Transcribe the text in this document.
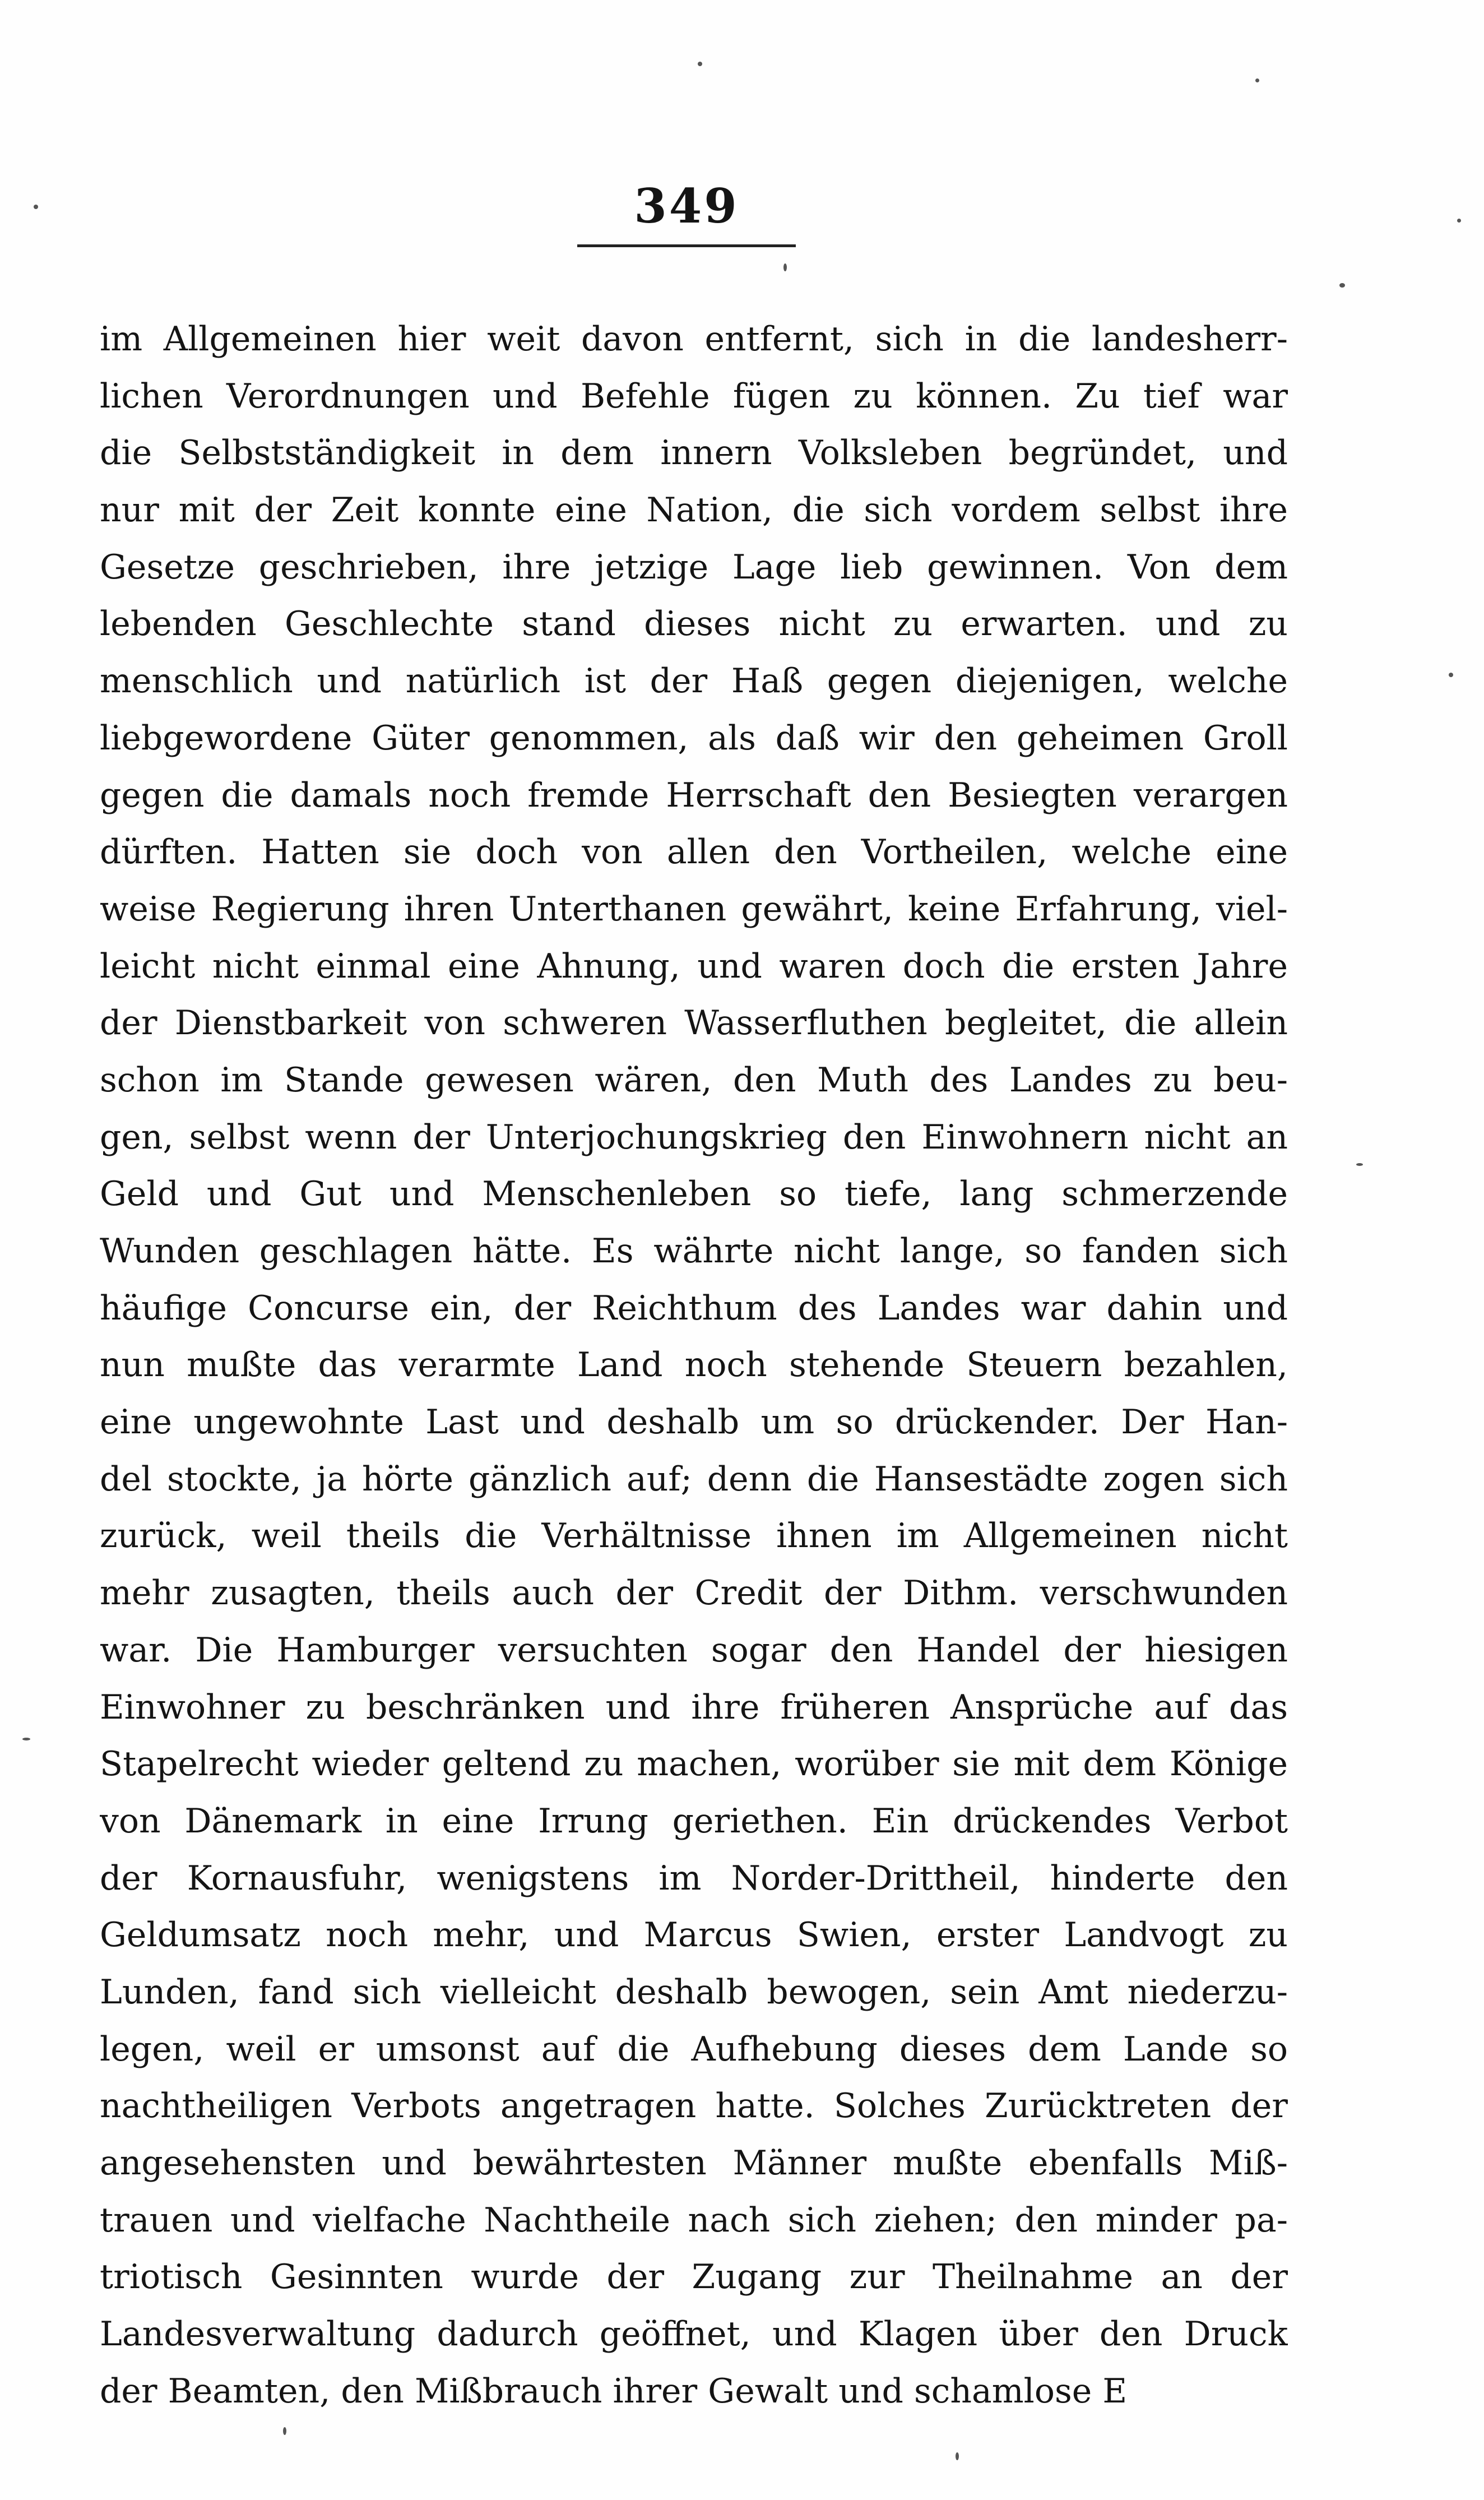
349
im Allgemeinen hier weit davon entfernt, sich in die landesherr-
lichen Verordnungen und Befehle fügen zu können. Zu tief war
die Selbstständigkeit in dem innern Volksleben begründet, und
nur mit der Zeit konnte eine Nation, die sich vordem selbst ihre
Gesetze geschrieben, ihre jetzige Lage lieb gewinnen. Von dem
lebenden Geschlechte stand dieses nicht zu erwarten. und zu
menschlich und natürlich ist der Haß gegen diejenigen, welche
liebgewordene Güter genommen, als daß wir den geheimen Groll
gegen die damals noch fremde Herrschaft den Besiegten verargen
dürften. Hatten sie doch von allen den Vortheilen, welche eine
weise Regierung ihren Unterthanen gewährt, keine Erfahrung, viel-
leicht nicht einmal eine Ahnung, und waren doch die ersten Jahre
der Dienstbarkeit von schweren Wasserfluthen begleitet, die allein
schon im Stande gewesen wären, den Muth des Landes zu beu-
gen, selbst wenn der Unterjochungskrieg den Einwohnern nicht an
Geld und Gut und Menschenleben so tiefe, lang schmerzende
Wunden geschlagen hätte. Es währte nicht lange, so fanden sich
häufige Concurse ein, der Reichthum des Landes war dahin und
nun mußte das verarmte Land noch stehende Steuern bezahlen,
eine ungewohnte Last und deshalb um so drückender. Der Han-
del stockte, ja hörte gänzlich auf; denn die Hansestädte zogen sich
zurück, weil theils die Verhältnisse ihnen im Allgemeinen nicht
mehr zusagten, theils auch der Credit der Dithm. verschwunden
war. Die Hamburger versuchten sogar den Handel der hiesigen
Einwohner zu beschränken und ihre früheren Ansprüche auf das
Stapelrecht wieder geltend zu machen, worüber sie mit dem Könige
von Dänemark in eine Irrung geriethen. Ein drückendes Verbot
der Kornausfuhr, wenigstens im Norder-Drittheil, hinderte den
Geldumsatz noch mehr, und Marcus Swien, erster Landvogt zu
Lunden, fand sich vielleicht deshalb bewogen, sein Amt niederzu-
legen, weil er umsonst auf die Aufhebung dieses dem Lande so
nachtheiligen Verbots angetragen hatte. Solches Zurücktreten der
angesehensten und bewährtesten Männer mußte ebenfalls Miß-
trauen und vielfache Nachtheile nach sich ziehen; den minder pa-
triotisch Gesinnten wurde der Zugang zur Theilnahme an der
Landesverwaltung dadurch geöffnet, und Klagen über den Druck
der Beamten, den Mißbrauch ihrer Gewalt und schamlose E
